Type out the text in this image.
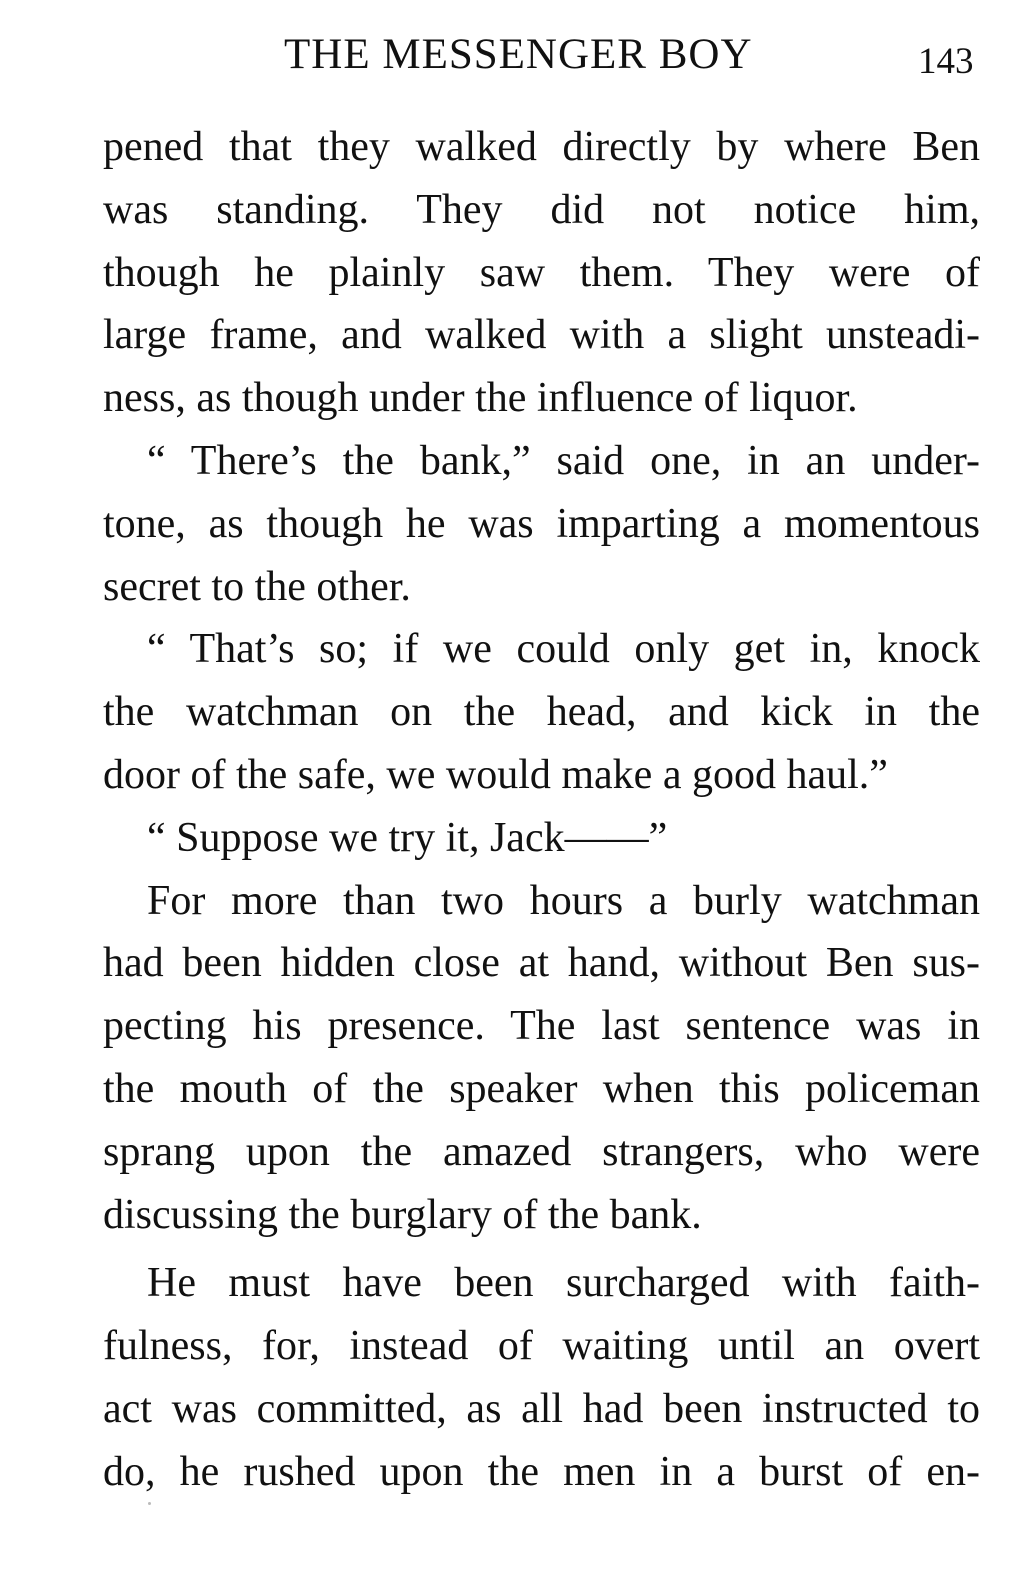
THE MESSENGER BOY	143
pened that they walked directly by where Ben
was standing. They did not notice him,
though he plainly saw them. They were of
large frame, and walked with a slight unsteadi-
ness, as though under the influence of liquor.
“ There’s the bank,” said one, in an under-
tone, as though he was imparting a momentous
secret to the other.
“ That’s so; if we could only get in, knock
the watchman on the head, and kick in the
door of the safe, we would make a good haul.”
“ Suppose we try it, Jack——”
For more than two hours a burly watchman
had been hidden close at hand, without Ben sus-
pecting his presence. The last sentence was in
the mouth of the speaker when this policeman
sprang upon the amazed strangers, who were
discussing the burglary of the bank.
He must have been surcharged with faith-
fulness, for, instead of waiting until an overt
act was committed, as all had been instructed to
do, he rushed upon the men in a burst of en-
